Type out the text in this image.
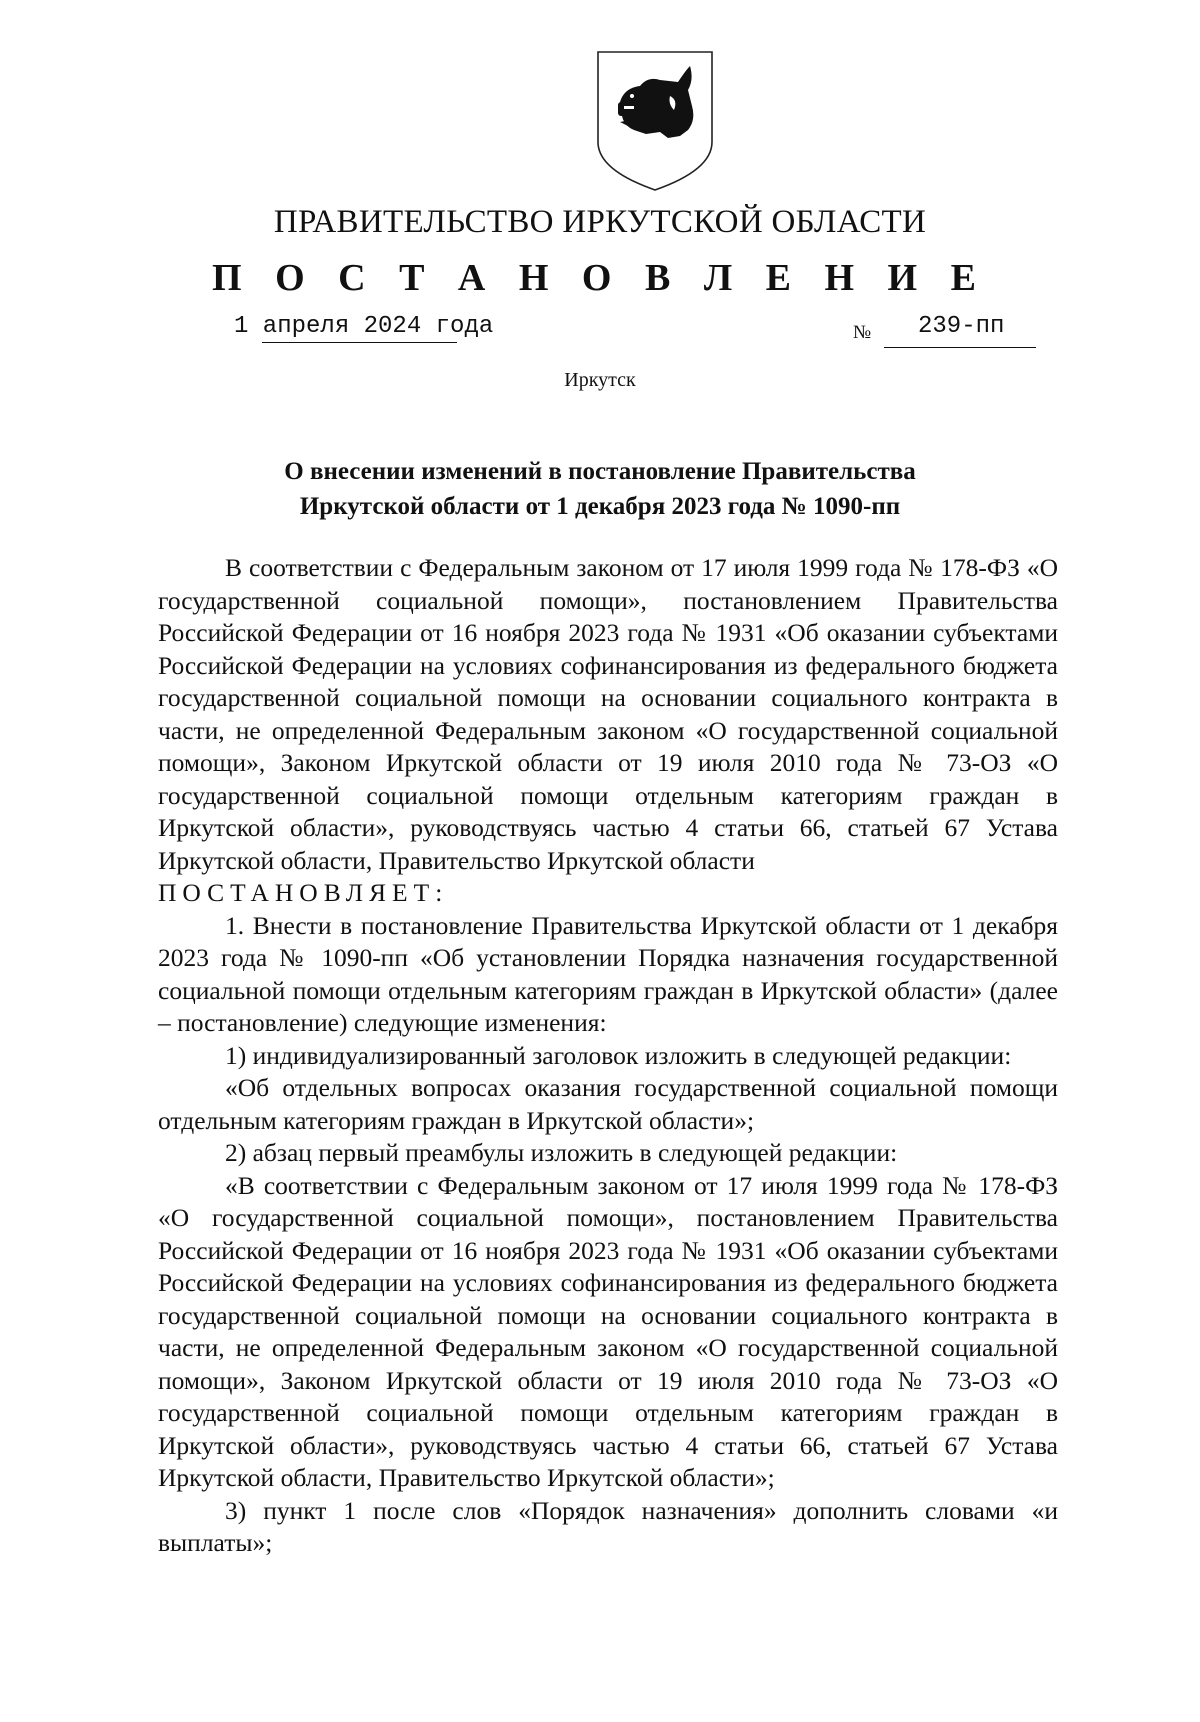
ПРАВИТЕЛЬСТВО ИРКУТСКОЙ ОБЛАСТИ
П О С Т А Н О В Л Е Н И Е
1 апреля 2024 года	№ 239-пп
Иркутск
О внесении изменений в постановление Правительства
Иркутской области от 1 декабря 2023 года № 1090-пп

В соответствии с Федеральным законом от 17 июля 1999 года № 178-ФЗ «О государственной социальной помощи», постановлением Правительства Российской Федерации от 16 ноября 2023 года № 1931 «Об оказании субъектами Российской Федерации на условиях софинансирования из федерального бюджета государственной социальной помощи на основании социального контракта в части, не определенной Федеральным законом «О государственной социальной помощи», Законом Иркутской области от 19 июля 2010 года № 73-ОЗ «О государственной социальной помощи отдельным категориям граждан в Иркутской области», руководствуясь частью 4 статьи 66, статьей 67 Устава Иркутской области, Правительство Иркутской области

ПОСТАНОВЛЯЕТ:

1. Внести в постановление Правительства Иркутской области от 1 декабря 2023 года № 1090-пп «Об установлении Порядка назначения государственной социальной помощи отдельным категориям граждан в Иркутской области» (далее – постановление) следующие изменения:

1) индивидуализированный заголовок изложить в следующей редакции:

«Об отдельных вопросах оказания государственной социальной помощи отдельным категориям граждан в Иркутской области»;

2) абзац первый преамбулы изложить в следующей редакции:

«В соответствии с Федеральным законом от 17 июля 1999 года № 178-ФЗ «О государственной социальной помощи», постановлением Правительства Российской Федерации от 16 ноября 2023 года № 1931 «Об оказании субъектами Российской Федерации на условиях софинансирования из федерального бюджета государственной социальной помощи на основании социального контракта в части, не определенной Федеральным законом «О государственной социальной помощи», Законом Иркутской области от 19 июля 2010 года № 73-ОЗ «О государственной социальной помощи отдельным категориям граждан в Иркутской области», руководствуясь частью 4 статьи 66, статьей 67 Устава Иркутской области, Правительство Иркутской области»;

3) пункт 1 после слов «Порядок назначения» дополнить словами «и выплаты»;
